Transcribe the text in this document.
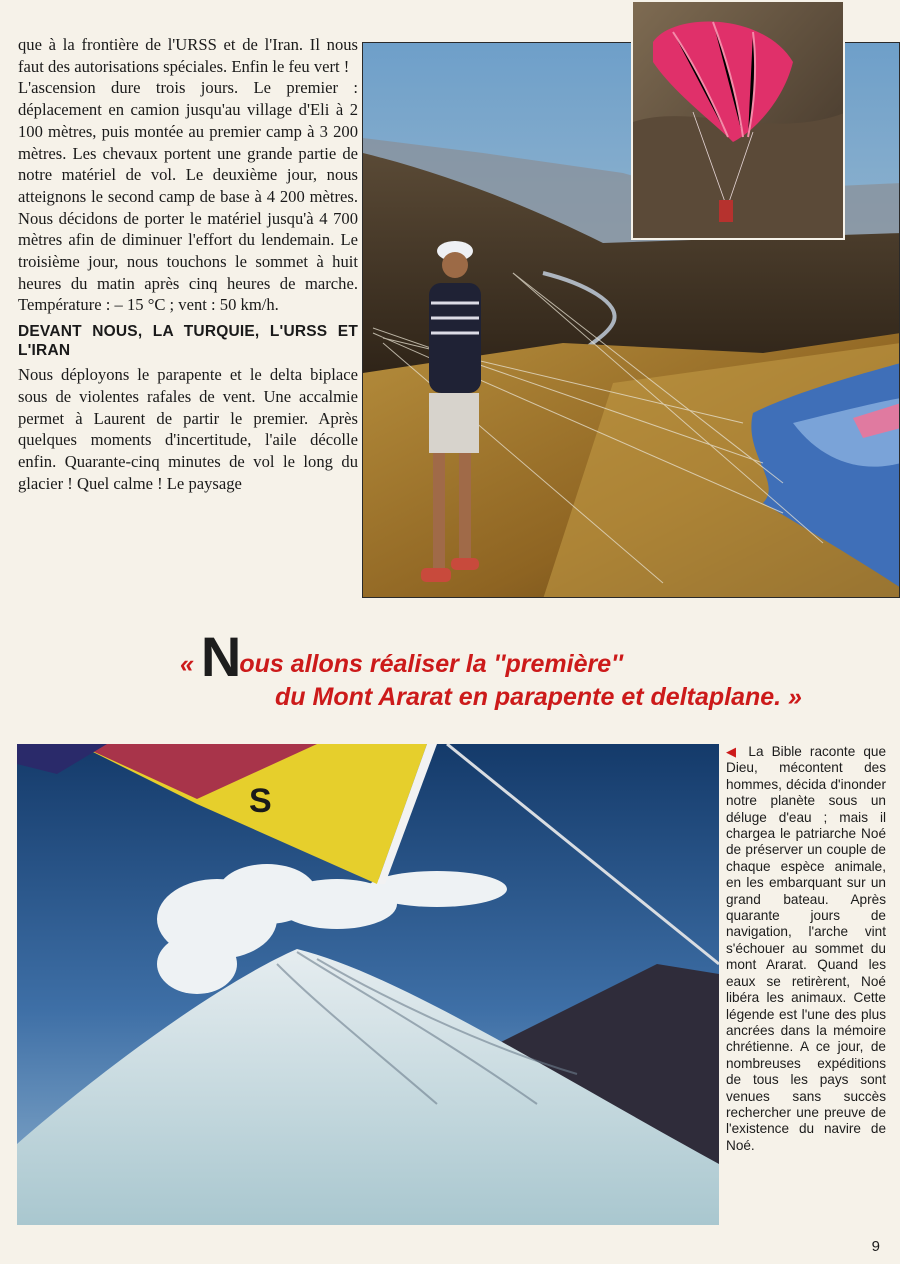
que à la frontière de l'URSS et de l'Iran. Il nous faut des autorisations spéciales. Enfin le feu vert !

L'ascension dure trois jours. Le premier : déplacement en camion jusqu'au village d'Eli à 2 100 mètres, puis montée au premier camp à 3 200 mètres. Les chevaux portent une grande partie de notre matériel de vol. Le deuxième jour, nous atteignons le second camp de base à 4 200 mètres. Nous décidons de porter le matériel jusqu'à 4 700 mètres afin de diminuer l'effort du lendemain. Le troisième jour, nous touchons le sommet à huit heures du matin après cinq heures de marche. Température : – 15 °C ; vent : 50 km/h.

DEVANT NOUS, LA TURQUIE, L'URSS ET L'IRAN

Nous déployons le parapente et le delta biplace sous de violentes rafales de vent. Une accalmie permet à Laurent de partir le premier. Après quelques moments d'incertitude, l'aile décolle enfin. Quarante-cinq minutes de vol le long du glacier ! Quel calme ! Le paysage

« Nous allons réaliser la ''première''
du Mont Ararat en parapente et deltaplane. »
S
◀ La Bible raconte que Dieu, mécontent des hommes, décida d'inonder notre planète sous un déluge d'eau ; mais il chargea le patriarche Noé de préserver un couple de chaque espèce animale, en les embarquant sur un grand bateau. Après quarante jours de navigation, l'arche vint s'échouer au sommet du mont Ararat. Quand les eaux se retirèrent, Noé libéra les animaux. Cette légende est l'une des plus ancrées dans la mémoire chrétienne. A ce jour, de nombreuses expéditions de tous les pays sont venues sans succès rechercher une preuve de l'existence du navire de Noé.
9
